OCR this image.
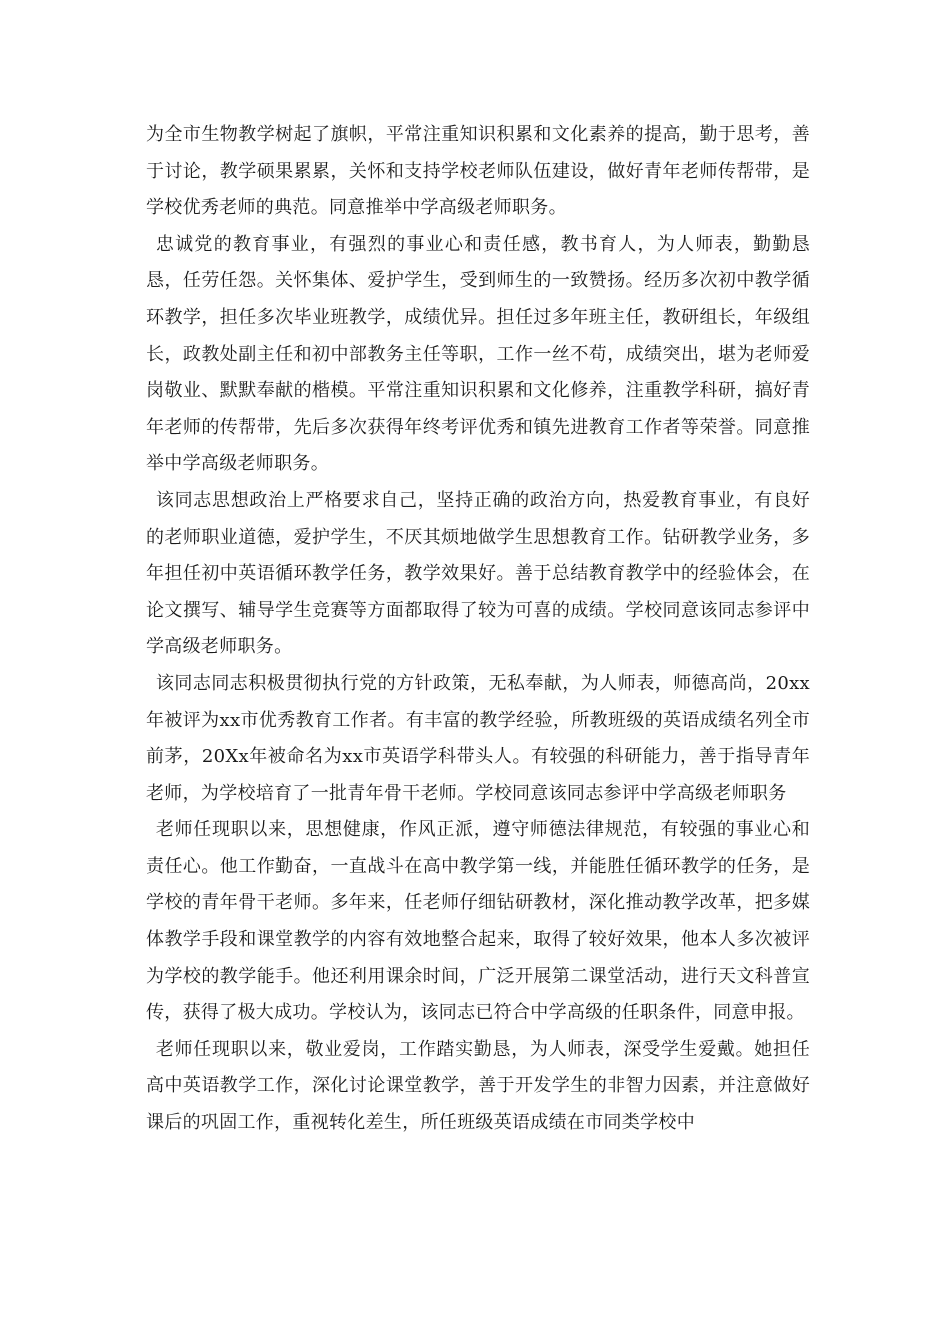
为全市生物教学树起了旗帜，平常注重知识积累和文化素养的提高，勤于思考，善于讨论，教学硕果累累，关怀和支持学校老师队伍建设，做好青年老师传帮带，是学校优秀老师的典范。同意推举中学高级老师职务。

忠诚党的教育事业，有强烈的事业心和责任感，教书育人，为人师表，勤勤恳恳，任劳任怨。关怀集体、爱护学生，受到师生的一致赞扬。经历多次初中教学循环教学，担任多次毕业班教学，成绩优异。担任过多年班主任，教研组长，年级组长，政教处副主任和初中部教务主任等职，工作一丝不苟，成绩突出，堪为老师爱岗敬业、默默奉献的楷模。平常注重知识积累和文化修养，注重教学科研，搞好青年老师的传帮带，先后多次获得年终考评优秀和镇先进教育工作者等荣誉。同意推举中学高级老师职务。

该同志思想政治上严格要求自己，坚持正确的政治方向，热爱教育事业，有良好的老师职业道德，爱护学生，不厌其烦地做学生思想教育工作。钻研教学业务，多年担任初中英语循环教学任务，教学效果好。善于总结教育教学中的经验体会，在论文撰写、辅导学生竞赛等方面都取得了较为可喜的成绩。学校同意该同志参评中学高级老师职务。

该同志同志积极贯彻执行党的方针政策，无私奉献，为人师表，师德高尚，20xx年被评为xx市优秀教育工作者。有丰富的教学经验，所教班级的英语成绩名列全市前茅，20Xx年被命名为xx市英语学科带头人。有较强的科研能力，善于指导青年老师，为学校培育了一批青年骨干老师。学校同意该同志参评中学高级老师职务

老师任现职以来，思想健康，作风正派，遵守师德法律规范，有较强的事业心和责任心。他工作勤奋，一直战斗在高中教学第一线，并能胜任循环教学的任务，是学校的青年骨干老师。多年来，任老师仔细钻研教材，深化推动教学改革，把多媒体教学手段和课堂教学的内容有效地整合起来，取得了较好效果，他本人多次被评为学校的教学能手。他还利用课余时间，广泛开展第二课堂活动，进行天文科普宣传，获得了极大成功。学校认为，该同志已符合中学高级的任职条件，同意申报。

老师任现职以来，敬业爱岗，工作踏实勤恳，为人师表，深受学生爱戴。她担任高中英语教学工作，深化讨论课堂教学，善于开发学生的非智力因素，并注意做好课后的巩固工作，重视转化差生，所任班级英语成绩在市同类学校中
